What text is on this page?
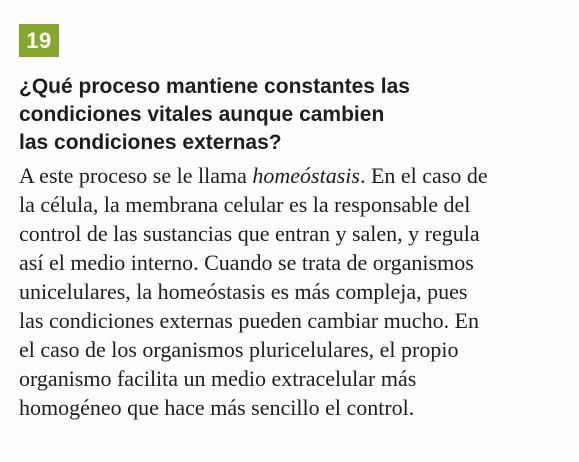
19
¿Qué proceso mantiene constantes las
condiciones vitales aunque cambien
las condiciones externas?
A este proceso se le llama homeóstasis. En el caso de
la célula, la membrana celular es la responsable del
control de las sustancias que entran y salen, y regula
así el medio interno. Cuando se trata de organismos
unicelulares, la homeóstasis es más compleja, pues
las condiciones externas pueden cambiar mucho. En
el caso de los organismos pluricelulares, el propio
organismo facilita un medio extracelular más
homogéneo que hace más sencillo el control.
